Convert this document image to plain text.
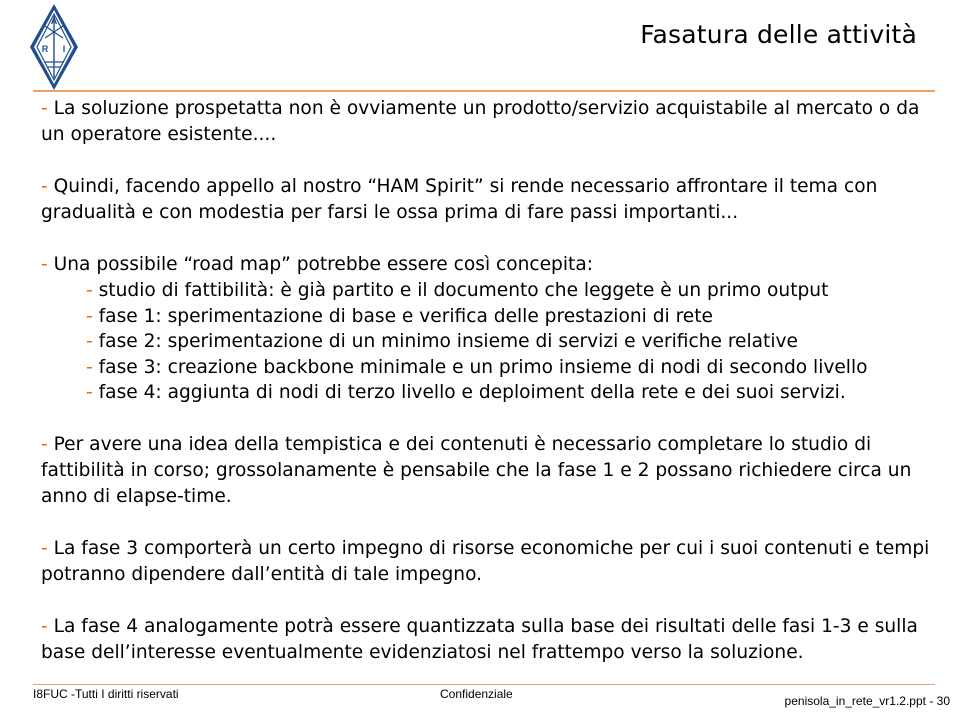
A
R I	Fasatura delle attività

- La soluzione prospetatta non è ovviamente un prodotto/servizio acquistabile al mercato o da un operatore esistente....

- Quindi, facendo appello al nostro “HAM Spirit” si rende necessario affrontare il tema con gradualità e con modestia per farsi le ossa prima di fare passi importanti...

- Una possibile “road map” potrebbe essere così concepita:
- studio di fattibilità: è già partito e il documento che leggete è un primo output
- fase 1: sperimentazione di base e verifica delle prestazioni di rete
- fase 2: sperimentazione di un minimo insieme di servizi e verifiche relative
- fase 3: creazione backbone minimale e un primo insieme di nodi di secondo livello
- fase 4: aggiunta di nodi di terzo livello e deploiment della rete e dei suoi servizi.

- Per avere una idea della tempistica e dei contenuti è necessario completare lo studio di fattibilità in corso; grossolanamente è pensabile che la fase 1 e 2 possano richiedere circa un anno di elapse-time.

- La fase 3 comporterà un certo impegno di risorse economiche per cui i suoi contenuti e tempi potranno dipendere dall’entità di tale impegno.

- La fase 4 analogamente potrà essere quantizzata sulla base dei risultati delle fasi 1-3 e sulla base dell’interesse eventualmente evidenziatosi nel frattempo verso la soluzione.

I8FUC -Tutti I diritti riservati	Confidenziale	penisola_in_rete_vr1.2.ppt - 30
